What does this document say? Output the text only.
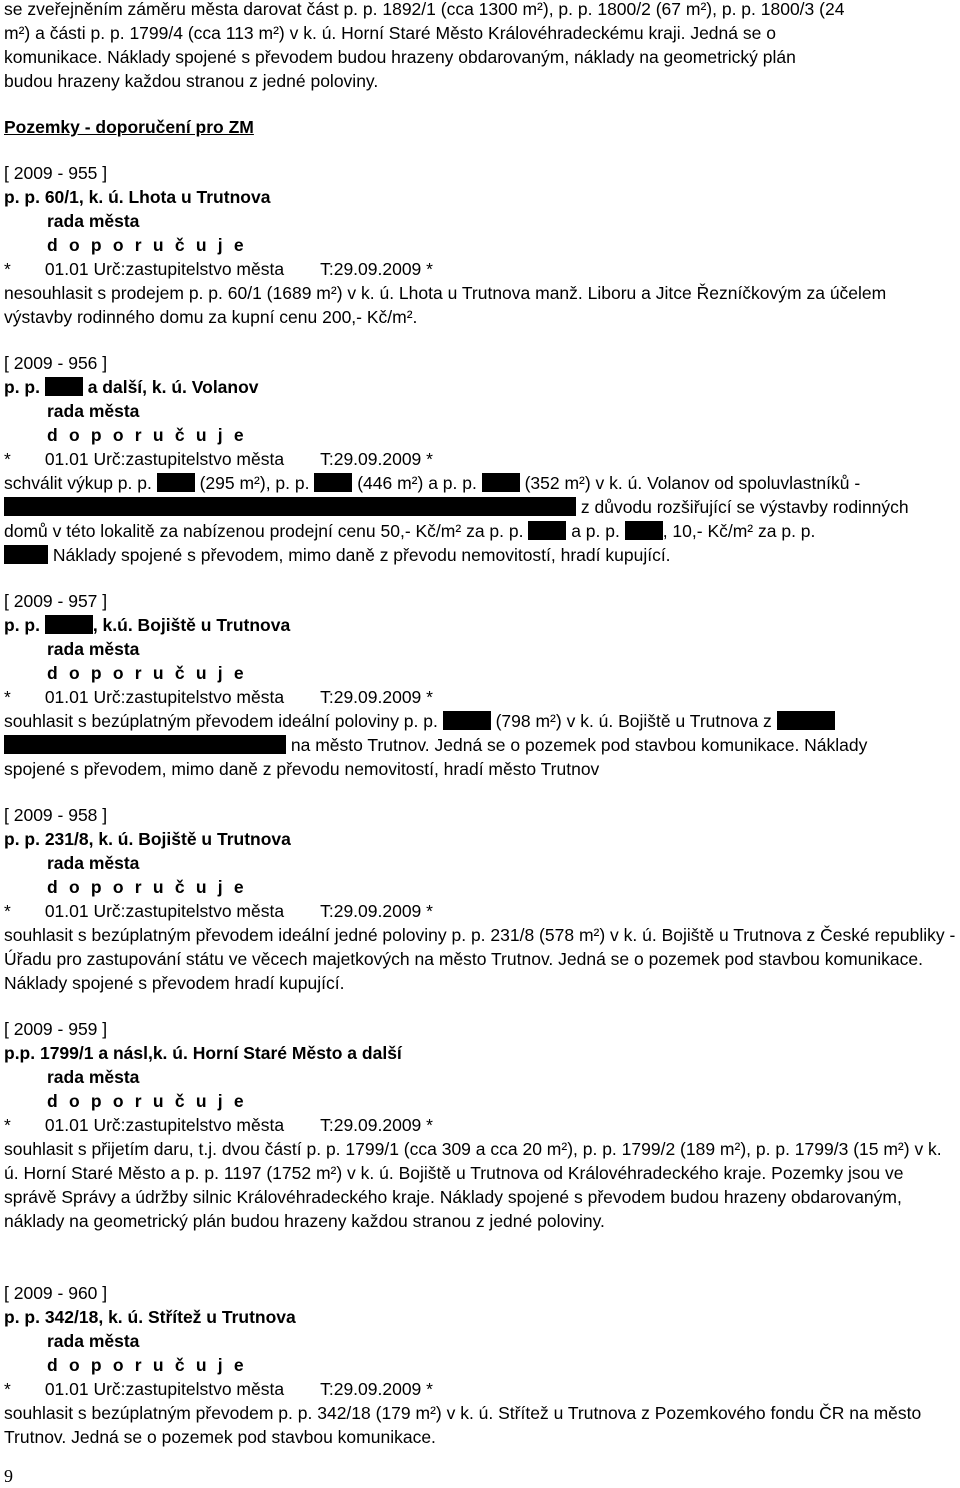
se zveřejněním záměru města darovat část p. p. 1892/1 (cca 1300 m²), p. p. 1800/2 (67 m²), p. p. 1800/3 (24
m²) a části p. p. 1799/4 (cca 113 m²) v k. ú. Horní Staré Město Královéhradeckému kraji. Jedná se o
komunikace. Náklady spojené s převodem budou hrazeny obdarovaným, náklady na geometrický plán
budou hrazeny každou stranou z jedné poloviny.
Pozemky - doporučení pro ZM
[ 2009 - 955 ]
p. p. 60/1, k. ú. Lhota u Trutnova
rada města
d o p o r u č u j e
* 01.01 Urč:zastupitelstvo města T:29.09.2009 *
nesouhlasit s prodejem p. p. 60/1 (1689 m²) v k. ú. Lhota u Trutnova manž. Liboru a Jitce Řezníčkovým za účelem výstavby rodinného domu za kupní cenu 200,- Kč/m².
[ 2009 - 956 ]
p. p.  a další, k. ú. Volanov
rada města
d o p o r u č u j e
* 01.01 Urč:zastupitelstvo města T:29.09.2009 *
schválit výkup p. p.  (295 m²), p. p.  (446 m²) a p. p.  (352 m²) v k. ú. Volanov od spoluvlastníků -
z důvodu rozšiřující se výstavby rodinných
domů v této lokalitě za nabízenou prodejní cenu 50,- Kč/m² za p. p.  a p. p. , 10,- Kč/m² za p. p.
Náklady spojené s převodem, mimo daně z převodu nemovitostí, hradí kupující.
[ 2009 - 957 ]
p. p.	, k.ú. Bojiště u Trutnova
rada města
d o p o r u č u j e
* 01.01 Urč:zastupitelstvo města T:29.09.2009 *
souhlasit s bezúplatným převodem ideální poloviny p. p.	(798 m²) v k. ú. Bojiště u Trutnova z
na město Trutnov. Jedná se o pozemek pod stavbou komunikace. Náklady
spojené s převodem, mimo daně z převodu nemovitostí, hradí město Trutnov
[ 2009 - 958 ]
p. p. 231/8, k. ú. Bojiště u Trutnova
rada města
d o p o r u č u j e
* 01.01 Urč:zastupitelstvo města T:29.09.2009 *
souhlasit s bezúplatným převodem ideální jedné poloviny p. p. 231/8 (578 m²) v k. ú. Bojiště u Trutnova z České republiky - Úřadu pro zastupování státu ve věcech majetkových na město Trutnov. Jedná se o pozemek pod stavbou komunikace. Náklady spojené s převodem hradí kupující.
[ 2009 - 959 ]
p.p. 1799/1 a násl,k. ú. Horní Staré Město a další
rada města
d o p o r u č u j e
* 01.01 Urč:zastupitelstvo města T:29.09.2009 *
souhlasit s přijetím daru, t.j. dvou částí p. p. 1799/1 (cca 309 a cca 20 m²), p. p. 1799/2 (189 m²), p. p. 1799/3 (15 m²) v k. ú. Horní Staré Město a p. p. 1197 (1752 m²) v k. ú. Bojiště u Trutnova od Královéhradeckého kraje. Pozemky jsou ve správě Správy a údržby silnic Královéhradeckého kraje. Náklady spojené s převodem budou hrazeny obdarovaným, náklady na geometrický plán budou hrazeny každou stranou z jedné poloviny.
[ 2009 - 960 ]
p. p. 342/18, k. ú. Střítež u Trutnova
rada města
d o p o r u č u j e
* 01.01 Urč:zastupitelstvo města T:29.09.2009 *
souhlasit s bezúplatným převodem p. p. 342/18 (179 m²) v k. ú. Střítež u Trutnova z Pozemkového fondu ČR na město Trutnov. Jedná se o pozemek pod stavbou komunikace.
9
